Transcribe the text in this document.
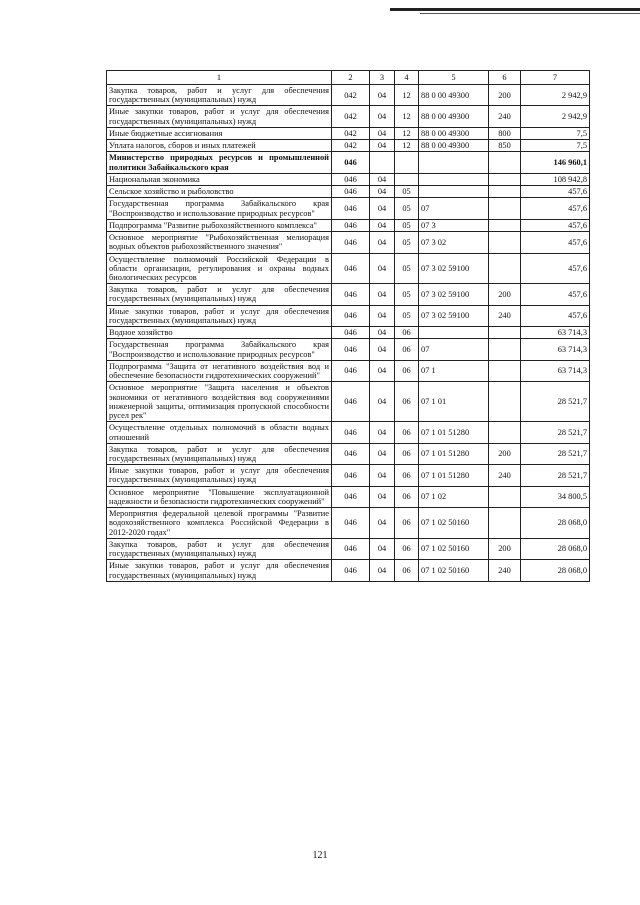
1	2	3	4	5	6	7
Закупка товаров, работ и услуг для обеспечения государственных (муниципальных) нужд	042	04	12	88 0 00 49300	200	2 942,9
Иные закупки товаров, работ и услуг для обеспечения государственных (муниципальных) нужд	042	04	12	88 0 00 49300	240	2 942,9
Иные бюджетные ассигнования	042	04	12	88 0 00 49300	800	7,5
Уплата налогов, сборов и иных платежей	042	04	12	88 0 00 49300	850	7,5
Министерство природных ресурсов и промышленной политики Забайкальского края	046					146 960,1
Национальная экономика	046	04				108 942,8
Сельское хозяйство и рыболовство	046	04	05			457,6
Государственная программа Забайкальского края "Воспроизводство и использование природных ресурсов"	046	04	05	07		457,6
Подпрограмма "Развитие рыбохозяйственного комплекса"	046	04	05	07 3		457,6
Основное мероприятие "Рыбохозяйственная мелиорация водных объектов рыбохозяйственного значения"	046	04	05	07 3 02		457,6
Осуществление полномочий Российской Федерации в области организации, регулирования и охраны водных биологических ресурсов	046	04	05	07 3 02 59100		457,6
Закупка товаров, работ и услуг для обеспечения государственных (муниципальных) нужд	046	04	05	07 3 02 59100	200	457,6
Иные закупки товаров, работ и услуг для обеспечения государственных (муниципальных) нужд	046	04	05	07 3 02 59100	240	457,6
Водное хозяйство	046	04	06			63 714,3
Государственная программа Забайкальского края "Воспроизводство и использование природных ресурсов"	046	04	06	07		63 714,3
Подпрограмма "Защита от негативного воздействия вод и обеспечение безопасности гидротехнических сооружений"	046	04	06	07 1		63 714,3
Основное мероприятие "Защита населения и объектов экономики от негативного воздействия вод сооружениями инженерной защиты, оптимизация пропускной способности русел рек"	046	04	06	07 1 01		28 521,7
Осуществление отдельных полномочий в области водных отношений	046	04	06	07 1 01 51280		28 521,7
Закупка товаров, работ и услуг для обеспечения государственных (муниципальных) нужд	046	04	06	07 1 01 51280	200	28 521,7
Иные закупки товаров, работ и услуг для обеспечения государственных (муниципальных) нужд	046	04	06	07 1 01 51280	240	28 521,7
Основное мероприятие "Повышение эксплуатационной надежности и безопасности гидротехнических сооружений"	046	04	06	07 1 02		34 800,5
Мероприятия федеральной целевой программы "Развитие водохозяйственного комплекса Российской Федерации в 2012-2020 годах"	046	04	06	07 1 02 50160		28 068,0
Закупка товаров, работ и услуг для обеспечения государственных (муниципальных) нужд	046	04	06	07 1 02 50160	200	28 068,0
Иные закупки товаров, работ и услуг для обеспечения государственных (муниципальных) нужд	046	04	06	07 1 02 50160	240	28 068,0
121
